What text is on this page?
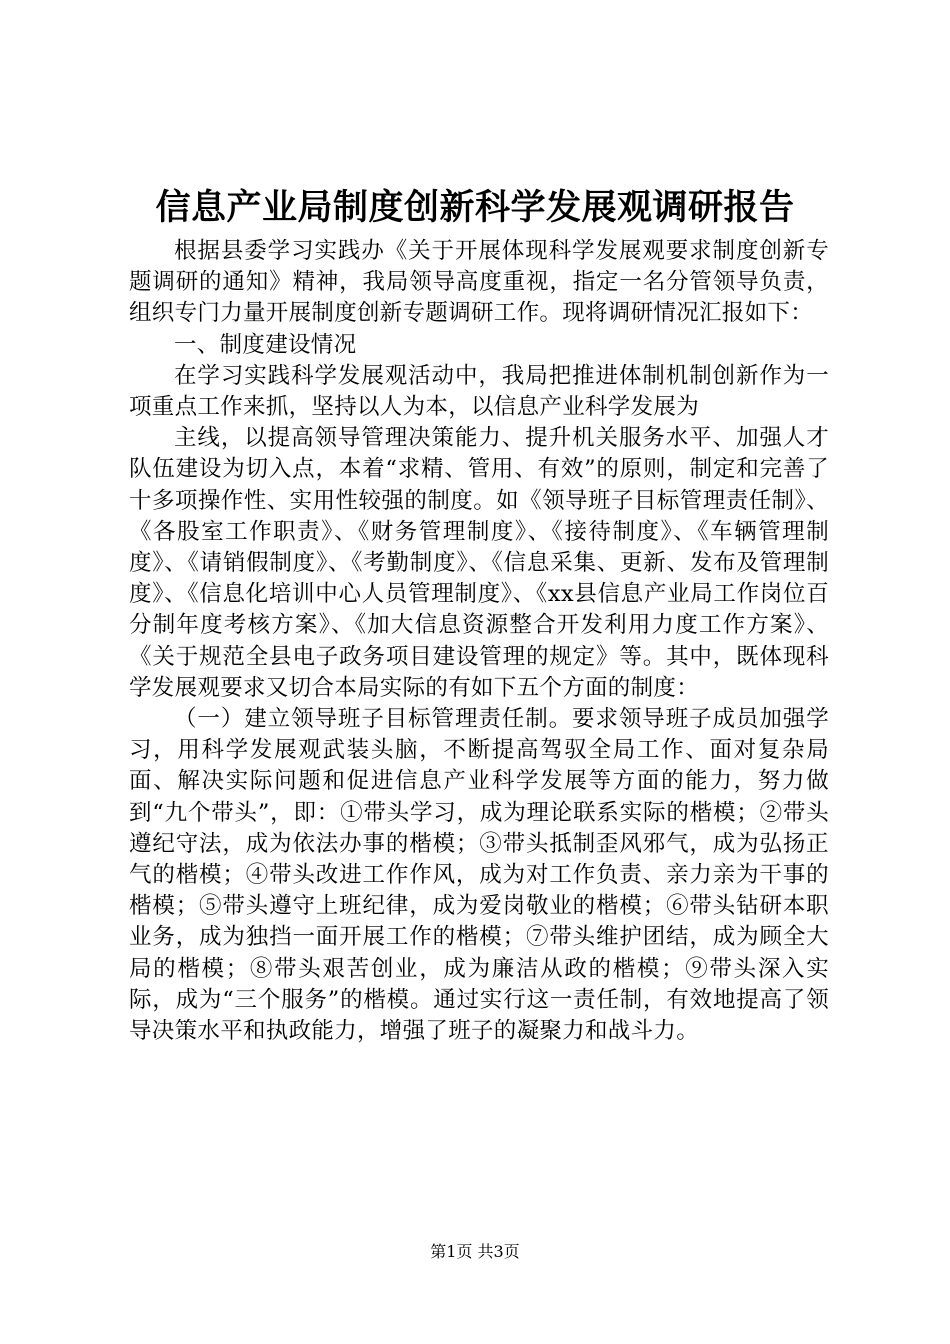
信息产业局制度创新科学发展观调研报告

根据县委学习实践办《关于开展体现科学发展观要求制度创新专题调研的通知》精神，我局领导高度重视，指定一名分管领导负责，组织专门力量开展制度创新专题调研工作。现将调研情况汇报如下：

一、制度建设情况

在学习实践科学发展观活动中，我局把推进体制机制创新作为一项重点工作来抓，坚持以人为本，以信息产业科学发展为

主线，以提高领导管理决策能力、提升机关服务水平、加强人才队伍建设为切入点，本着“求精、管用、有效”的原则，制定和完善了十多项操作性、实用性较强的制度。如《领导班子目标管理责任制》、《各股室工作职责》、《财务管理制度》、《接待制度》、《车辆管理制度》、《请销假制度》、《考勤制度》、《信息采集、更新、发布及管理制度》、《信息化培训中心人员管理制度》、《xx县信息产业局工作岗位百分制年度考核方案》、《加大信息资源整合开发利用力度工作方案》、《关于规范全县电子政务项目建设管理的规定》等。其中，既体现科学发展观要求又切合本局实际的有如下五个方面的制度：

（一）建立领导班子目标管理责任制。要求领导班子成员加强学习，用科学发展观武装头脑，不断提高驾驭全局工作、面对复杂局面、解决实际问题和促进信息产业科学发展等方面的能力，努力做到“九个带头”，即：①带头学习，成为理论联系实际的楷模；②带头遵纪守法，成为依法办事的楷模；③带头抵制歪风邪气，成为弘扬正气的楷模；④带头改进工作作风，成为对工作负责、亲力亲为干事的楷模；⑤带头遵守上班纪律，成为爱岗敬业的楷模；⑥带头钻研本职业务，成为独挡一面开展工作的楷模；⑦带头维护团结，成为顾全大局的楷模；⑧带头艰苦创业，成为廉洁从政的楷模；⑨带头深入实际，成为“三个服务”的楷模。通过实行这一责任制，有效地提高了领导决策水平和执政能力，增强了班子的凝聚力和战斗力。

第1页 共3页
